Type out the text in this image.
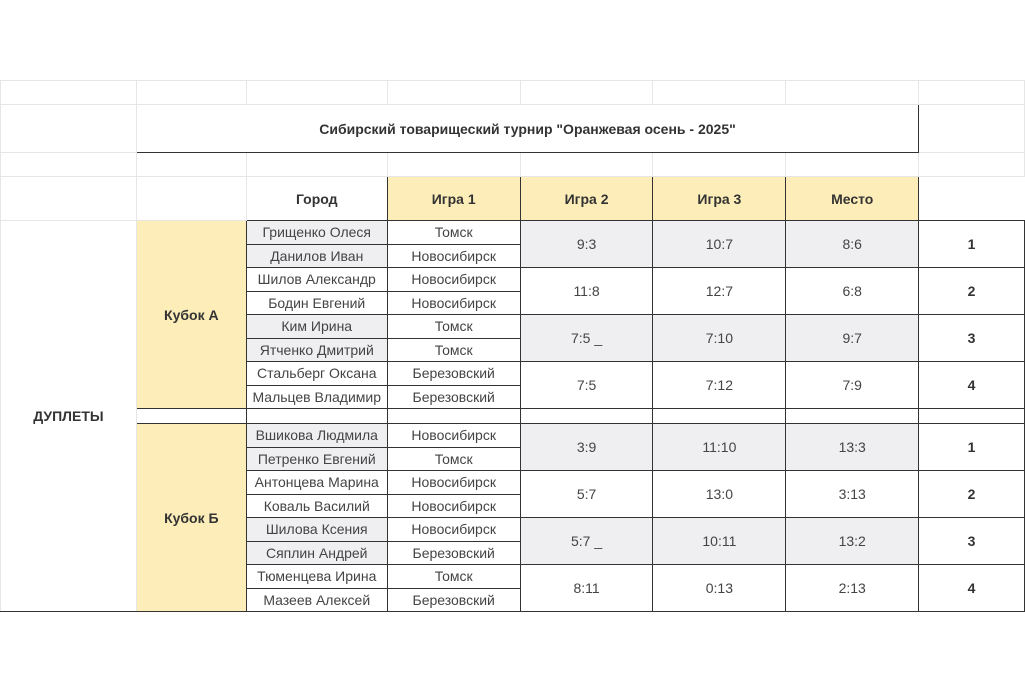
	Сибирский товарищеский турнир "Оранжевая осень - 2025"						

		Город	Игра 1	Игра 2	Игра 3	Место	
ДУПЛЕТЫ	Кубок А	Грищенко Олеся	Томск	9:3	10:7	8:6	1
		Данилов Иван	Новосибирск				
		Шилов Александр	Новосибирск	11:8	12:7	6:8	2
		Бодин Евгений	Новосибирск				
		Ким Ирина	Томск	7:5 _	7:10	9:7	3
		Ятченко Дмитрий	Томск				
		Стальберг Оксана	Березовский	7:5	7:12	7:9	4
		Мальцев Владимир	Березовский				

	Кубок Б	Вшикова Людмила	Новосибирск	3:9	11:10	13:3	1
		Петренко Евгений	Томск				
		Антонцева Марина	Новосибирск	5:7	13:0	3:13	2
		Коваль Василий	Новосибирск				
		Шилова Ксения	Новосибирск	5:7 _	10:11	13:2	3
		Сяплин Андрей	Березовский				
		Тюменцева Ирина	Томск	8:11	0:13	2:13	4
		Мазеев Алексей	Березовский				
